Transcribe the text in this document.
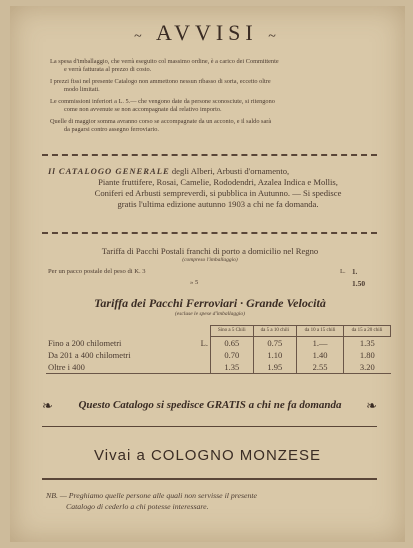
~ AVVISI ~
La spesa d'imballaggio, che verrà eseguito col massimo ordine, è a carico dei Committente
e verrà fatturata al prezzo di costo.
I prezzi fissi nel presente Catalogo non ammettono nessun ribasso di sorta, eccetto oltre
modo limitati.
Le commissioni inferiori a L. 5.— che vengono date da persone sconosciute, si ritengono
come non avvenute se non accompagnate dal relativo importo.
Quelle di maggior somma avranno corso se accompagnate da un acconto, e il saldo sarà
da pagarsi contro assegno ferroviario.
Il CATALOGO GENERALE degli Alberi, Arbusti d'ornamento,
Piante fruttifere, Rosai, Camelie, Rododendri, Azalea Indica e Mollis,
Coniferi ed Arbusti sempreverdi, si pubblica in Autunno. — Si spedisce
gratis l'ultima edizione autunno 1903 a chi ne fa domanda.
Tariffa di Pacchi Postali franchi di porto a domicilio nel Regno
(compreso l'imballaggio)
Per un pacco postale del peso di K. 3	L. 1.
» 5	1.50
Tariffa dei Pacchi Ferroviari · Grande Velocità
(escluse le spese d'imballaggio)
		Sino a 5 Chili	da 5 a 10 chili	da 10 a 15 chili	da 15 a 20 chili
Fino a 200 chilometri	L.	0.65	0.75	1.—	1.35
Da 201 a 400 chilometri		0.70	1.10	1.40	1.80
Oltre i 400		1.35	1.95	2.55	3.20
❧	Questo Catalogo si spedisce GRATIS a chi ne fa domanda	❧
Vivai a COLOGNO MONZESE
NB. — Preghiamo quelle persone alle quali non servisse il presente
Catalogo di cederlo a chi potesse interessare.
